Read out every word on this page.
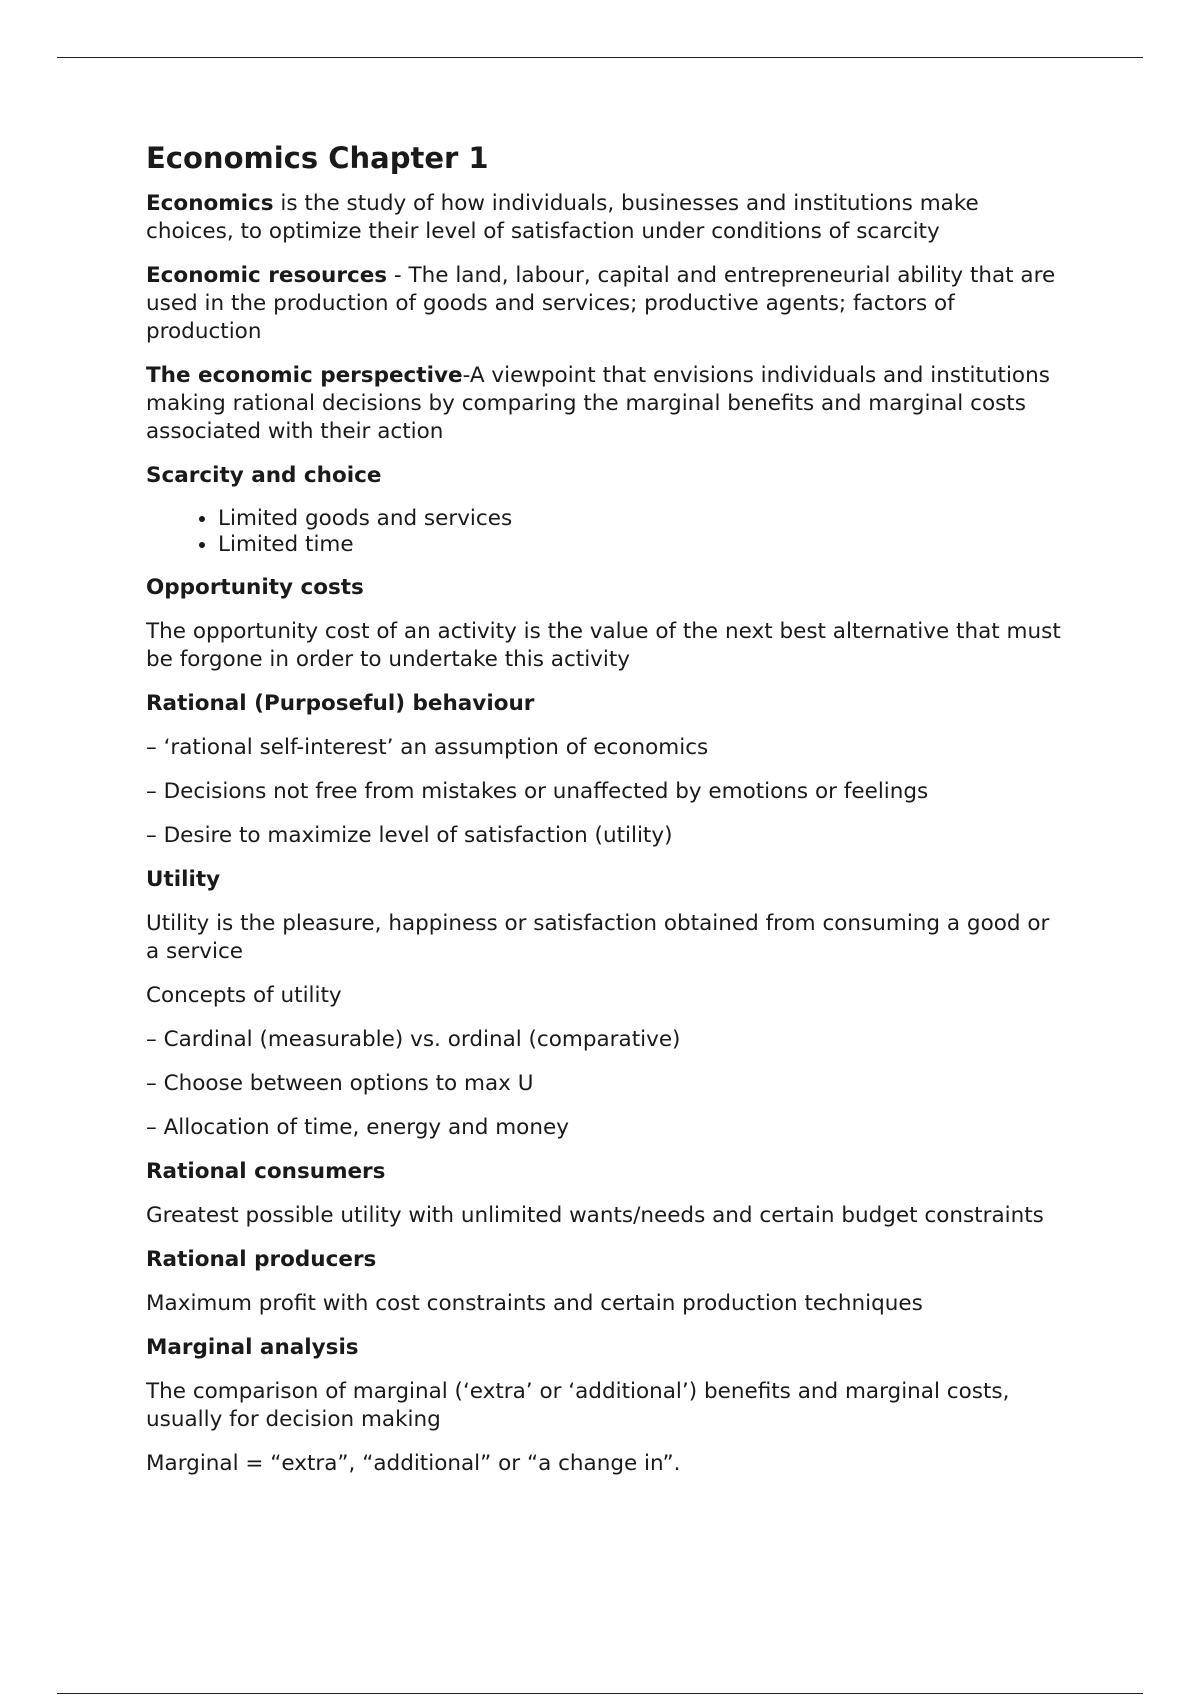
Economics Chapter 1

Economics is the study of how individuals, businesses and institutions make choices, to optimize their level of satisfaction under conditions of scarcity

Economic resources - The land, labour, capital and entrepreneurial ability that are used in the production of goods and services; productive agents; factors of production

The economic perspective-A viewpoint that envisions individuals and institutions making rational decisions by comparing the marginal benefits and marginal costs associated with their action

Scarcity and choice

• Limited goods and services
• Limited time

Opportunity costs

The opportunity cost of an activity is the value of the next best alternative that must be forgone in order to undertake this activity

Rational (Purposeful) behaviour

– ‘rational self-interest’ an assumption of economics

– Decisions not free from mistakes or unaffected by emotions or feelings

– Desire to maximize level of satisfaction (utility)

Utility

Utility is the pleasure, happiness or satisfaction obtained from consuming a good or a service

Concepts of utility

– Cardinal (measurable) vs. ordinal (comparative)

– Choose between options to max U

– Allocation of time, energy and money

Rational consumers

Greatest possible utility with unlimited wants/needs and certain budget constraints

Rational producers

Maximum profit with cost constraints and certain production techniques

Marginal analysis

The comparison of marginal (‘extra’ or ‘additional’) benefits and marginal costs, usually for decision making

Marginal = “extra”, “additional” or “a change in”.
